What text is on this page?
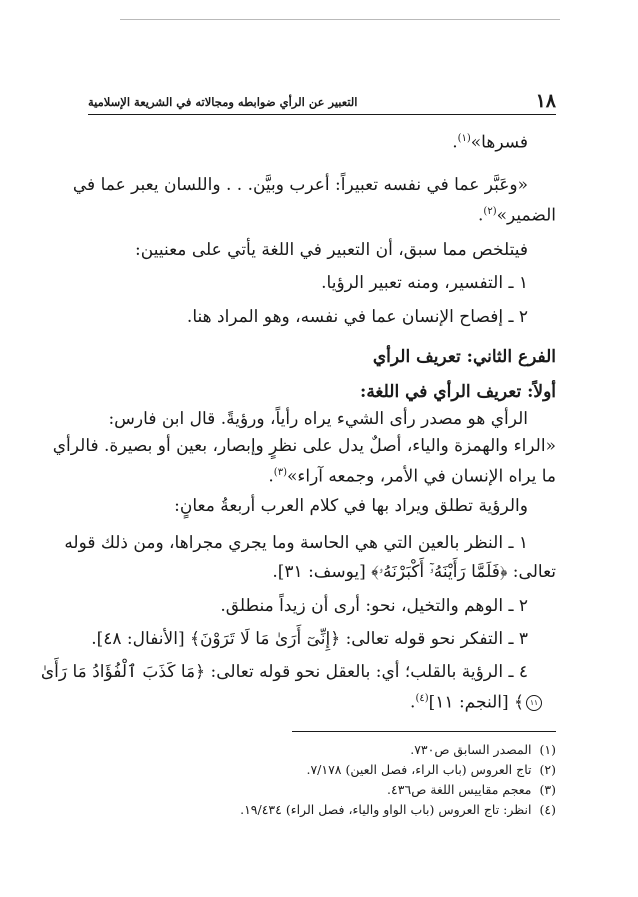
١٨
التعبير عن الرأي ضوابطه ومجالاته في الشريعة الإسلامية
فسرها»$^{(١)}$.
«وعَبَّر عما في نفسه تعبيراً: أعرب وبيَّن. . . واللسان يعبر عما في
الضمير»$^{(٢)}$.
فيتلخص مما سبق، أن التعبير في اللغة يأتي على معنيين:
١ ـ التفسير، ومنه تعبير الرؤيا.
٢ ـ إفصاح الإنسان عما في نفسه، وهو المراد هنا.
الفرع الثاني: تعريف الرأي
أولاً: تعريف الرأي في اللغة:
الرأي هو مصدر رأى الشيء يراه رأياً، ورؤيةً. قال ابن فارس:
«الراء والهمزة والياء، أصلٌ يدل على نظرٍ وإبصار، بعين أو بصيرة. فالرأي
ما يراه الإنسان في الأمر، وجمعه آراء»$^{(٣)}$.
والرؤية تطلق ويراد بها في كلام العرب أربعةُ معانٍ:
١ ـ النظر بالعين التي هي الحاسة وما يجري مجراها، ومن ذلك قوله
تعالى: ﴿فَلَمَّا رَأَيْنَهُۥٓ أَكْبَرْنَهُۥ﴾ [يوسف: ٣١].
٢ ـ الوهم والتخيل، نحو: أرى أن زيداً منطلق.
٣ ـ التفكر نحو قوله تعالى: ﴿إِنِّىٓ أَرَىٰ مَا لَا تَرَوْنَ﴾ [الأنفال: ٤٨].
٤ ـ الرؤية بالقلب؛ أي: بالعقل نحو قوله تعالى: ﴿مَا كَذَبَ ٱلْفُؤَادُ مَا رَأَىٰ
١١﴾ [النجم: ١١]$^{(٤)}$.
(١)المصدر السابق ص٧٣٠.
(٢)تاج العروس (باب الراء، فصل العين) ٧/١٧٨.
(٣)معجم مقاييس اللغة ص٤٣٦.
(٤)انظر: تاج العروس (باب الواو والياء، فصل الراء) ١٩/٤٣٤.
